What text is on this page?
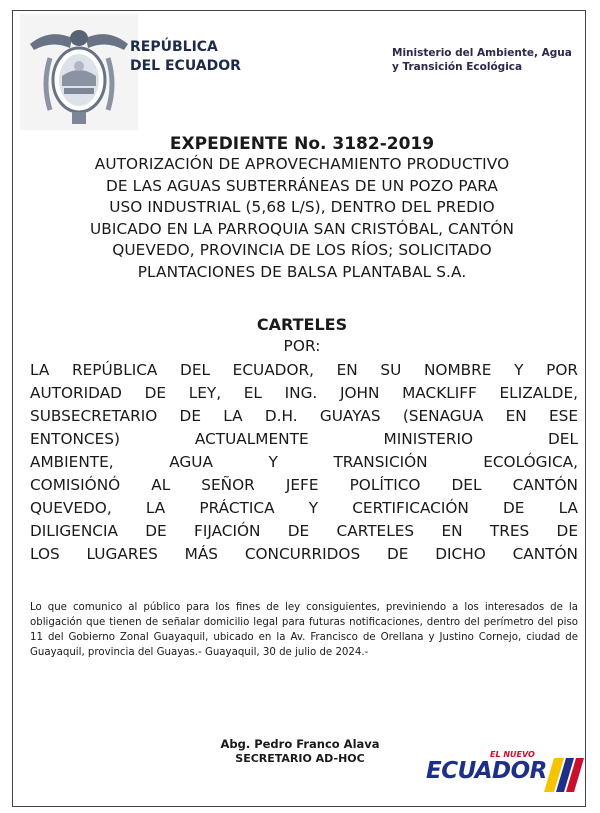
REPÚBLICA
DEL ECUADOR
Ministerio del Ambiente, Agua
y Transición Ecológica
EXPEDIENTE No. 3182-2019
AUTORIZACIÓN DE APROVECHAMIENTO PRODUCTIVO
DE LAS AGUAS SUBTERRÁNEAS DE UN POZO PARA
USO INDUSTRIAL (5,68 L/S), DENTRO DEL PREDIO
UBICADO EN LA PARROQUIA SAN CRISTÓBAL, CANTÓN
QUEVEDO, PROVINCIA DE LOS RÍOS; SOLICITADO
PLANTACIONES DE BALSA PLANTABAL S.A.
CARTELES
POR:
LA REPÚBLICA DEL ECUADOR, EN SU NOMBRE Y POR
AUTORIDAD DE LEY, EL ING. JOHN MACKLIFF ELIZALDE,
SUBSECRETARIO DE LA D.H. GUAYAS (SENAGUA EN ESE
ENTONCES) ACTUALMENTE MINISTERIO DEL
AMBIENTE, AGUA Y TRANSICIÓN ECOLÓGICA,
COMISIÓNÓ AL SEÑOR JEFE POLÍTICO DEL CANTÓN
QUEVEDO, LA PRÁCTICA Y CERTIFICACIÓN DE LA
DILIGENCIA DE FIJACIÓN DE CARTELES EN TRES DE
LOS LUGARES MÁS CONCURRIDOS DE DICHO CANTÓN
Lo que comunico al público para los fines de ley consiguientes, previniendo a los interesados de la obligación que tienen de señalar domicilio legal para futuras notificaciones, dentro del perímetro del piso 11 del Gobierno Zonal Guayaquil, ubicado en la Av. Francisco de Orellana y Justino Cornejo, ciudad de Guayaquil, provincia del Guayas.- Guayaquil, 30 de julio de 2024.-
Abg. Pedro Franco Alava
SECRETARIO AD-HOC	EL NUEVO
ECUADOR
